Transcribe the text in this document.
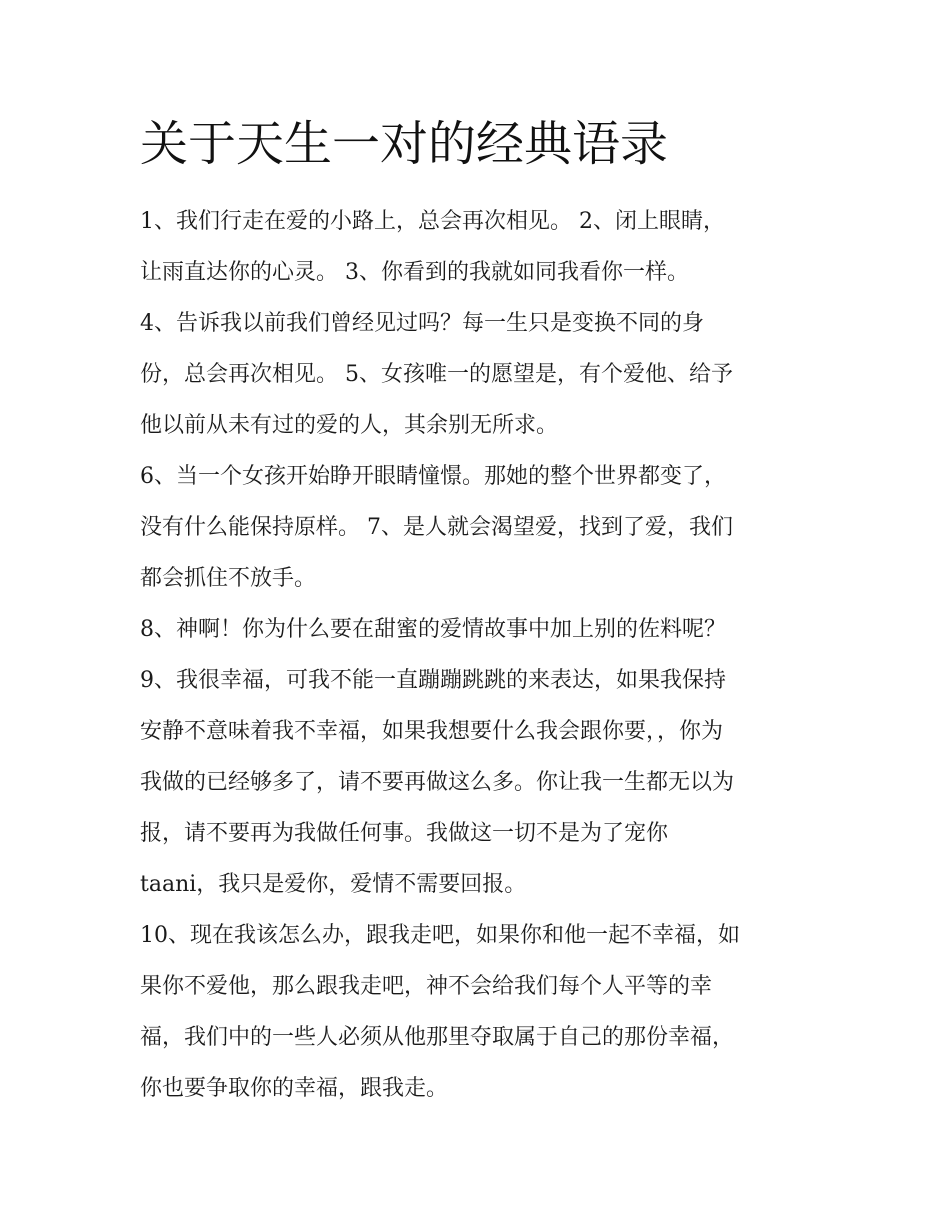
关于天生一对的经典语录
1、我们行走在爱的小路上，总会再次相见。 2、闭上眼睛，
让雨直达你的心灵。 3、你看到的我就如同我看你一样。
4、告诉我以前我们曾经见过吗？每一生只是变换不同的身
份，总会再次相见。 5、女孩唯一的愿望是，有个爱他、给予
他以前从未有过的爱的人，其余别无所求。
6、当一个女孩开始睁开眼睛憧憬。那她的整个世界都变了，
没有什么能保持原样。 7、是人就会渴望爱，找到了爱，我们
都会抓住不放手。
8、神啊！你为什么要在甜蜜的爱情故事中加上别的佐料呢？
9、我很幸福，可我不能一直蹦蹦跳跳的来表达，如果我保持
安静不意味着我不幸福，如果我想要什么我会跟你要，，你为
我做的已经够多了，请不要再做这么多。你让我一生都无以为
报，请不要再为我做任何事。我做这一切不是为了宠你
taani，我只是爱你，爱情不需要回报。
10、现在我该怎么办，跟我走吧，如果你和他一起不幸福，如
果你不爱他，那么跟我走吧，神不会给我们每个人平等的幸
福，我们中的一些人必须从他那里夺取属于自己的那份幸福，
你也要争取你的幸福，跟我走。
